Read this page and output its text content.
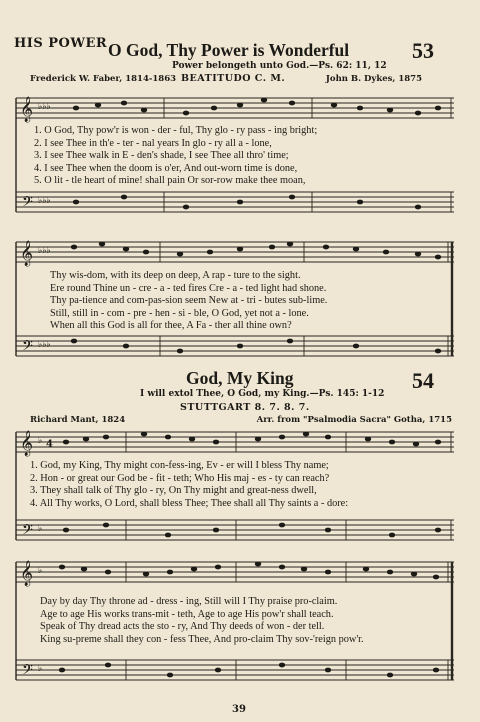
HIS POWER	53
O God, Thy Power is Wonderful
Power belongeth unto God.—Ps. 62: 11, 12
Frederick W. Faber, 1814-1863 BEATITUDO C. M.	John B. Dykes, 1875
𝄞 ♭♭♭
𝄢 ♭♭♭
1. O God, Thy pow'r is won - der - ful, Thy glo - ry pass - ing bright;
2. I see Thee in th'e - ter - nal years In glo - ry all a - lone,
3. I see Thee walk in E - den's shade, I see Thee all thro' time;
4. I see Thee when the doom is o'er, And out-worn time is done,
5. O lit - tle heart of mine! shall pain Or sor-row make thee moan,
𝄞 ♭♭♭
𝄢 ♭♭♭
Thy wis-dom, with its deep on deep, A rap - ture to the sight.
Ere round Thine un - cre - a - ted fires Cre - a - ted light had shone.
Thy pa-tience and com-pas-sion seem New at - tri - butes sub-lime.
Still, still in - com - pre - hen - si - ble, O God, yet not a - lone.
When all this God is all for thee, A Fa - ther all thine own?
54
God, My King
I will extol Thee, O God, my King.—Ps. 145: 1-12
STUTTGART 8. 7. 8. 7.
Richard Mant, 1824	Arr. from "Psalmodia Sacra" Gotha, 1715
𝄞 ♭ 4
𝄢 ♭
1. God, my King, Thy might con-fess-ing, Ev - er will I bless Thy name;
2. Hon - or great our God be - fit - teth; Who His maj - es - ty can reach?
3. They shall talk of Thy glo - ry, On Thy might and great-ness dwell,
4. All Thy works, O Lord, shall bless Thee; Thee shall all Thy saints a - dore:
𝄞 ♭
𝄢 ♭
Day by day Thy throne ad - dress - ing, Still will I Thy praise pro-claim.
Age to age His works trans-mit - teth, Age to age His pow'r shall teach.
Speak of Thy dread acts the sto - ry, And Thy deeds of won - der tell.
King su-preme shall they con - fess Thee, And pro-claim Thy sov-'reign pow'r.
39
